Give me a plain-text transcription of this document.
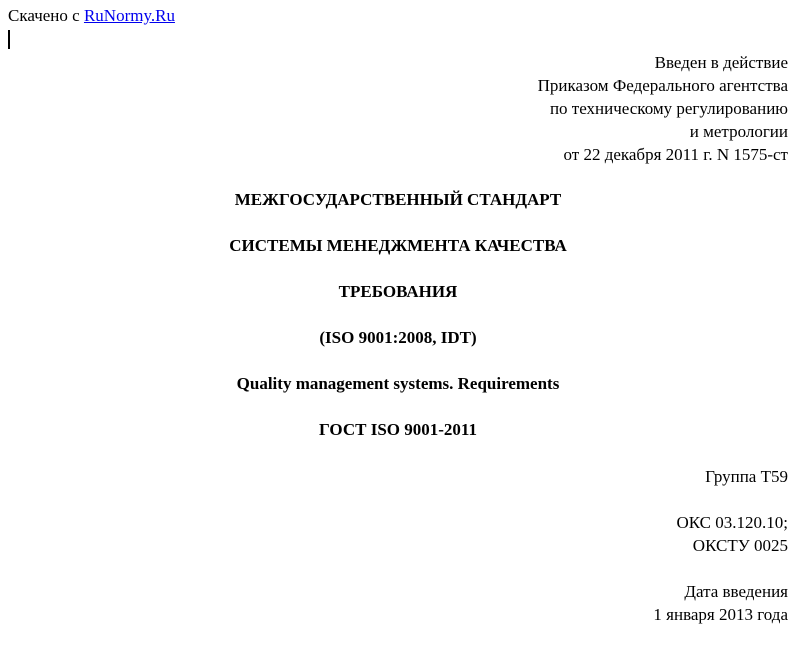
Скачено с RuNormy.Ru
Введен в действие
Приказом Федерального агентства
по техническому регулированию
и метрологии
от 22 декабря 2011 г. N 1575-ст
МЕЖГОСУДАРСТВЕННЫЙ СТАНДАРТ
СИСТЕМЫ МЕНЕДЖМЕНТА КАЧЕСТВА
ТРЕБОВАНИЯ
(ISO 9001:2008, IDT)
Quality management systems. Requirements
ГОСТ ISO 9001-2011
Группа Т59
ОКС 03.120.10;
ОКСТУ 0025
Дата введения
1 января 2013 года
